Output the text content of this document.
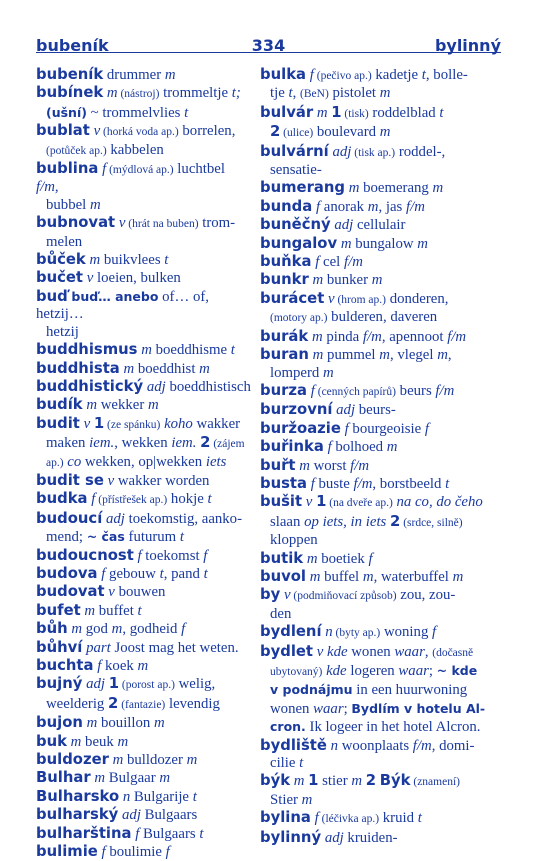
bubeník	334	bylinný
bubeník drummer m
bubínek m (nástroj) trommeltje t;
(ušní) ~ trommelvlies t
bublat v (horká voda ap.) borrelen,
(potůček ap.) kabbelen
bublina f (mýdlová ap.) luchtbel f/m,
bubbel m
bubnovat v (hrát na buben) trom-
melen
bůček m buikvlees t
bučet v loeien, bulken
buď buď… anebo of… of, hetzij…
hetzij
buddhismus m boeddhisme t
buddhista m boeddhist m
buddhistický adj boeddhistisch
budík m wekker m
budit v 1 (ze spánku) koho wakker
maken iem., wekken iem. 2 (zájem
ap.) co wekken, op|wekken iets
budit se v wakker worden
budka f (přístřešek ap.) hokje t
budoucí adj toekomstig, aanko-
mend; ~ čas futurum t
budoucnost f toekomst f
budova f gebouw t, pand t
budovat v bouwen
bufet m buffet t
bůh m god m, godheid f
bůhví part Joost mag het weten.
buchta f koek m
bujný adj 1 (porost ap.) welig,
weelderig 2 (fantazie) levendig
bujon m bouillon m
buk m beuk m
buldozer m bulldozer m
Bulhar m Bulgaar m
Bulharsko n Bulgarije t
bulharský adj Bulgaars
bulharština f Bulgaars t
bulimie f boulimie f
bulka f (pečivo ap.) kadetje t, bolle-
tje t, (BeN) pistolet m
bulvár m 1 (tisk) roddelblad t
2 (ulice) boulevard m
bulvární adj (tisk ap.) roddel-,
sensatie-
bumerang m boemerang m
bunda f anorak m, jas f/m
buněčný adj cellulair
bungalov m bungalow m
buňka f cel f/m
bunkr m bunker m
burácet v (hrom ap.) donderen,
(motory ap.) bulderen, daveren
burák m pinda f/m, apennoot f/m
buran m pummel m, vlegel m,
lomperd m
burza f (cenných papírů) beurs f/m
burzovní adj beurs-
buržoazie f bourgeoisie f
buřinka f bolhoed m
buřt m worst f/m
busta f buste f/m, borstbeeld t
bušit v 1 (na dveře ap.) na co, do čeho
slaan op iets, in iets 2 (srdce, silně)
kloppen
butik m boetiek f
buvol m buffel m, waterbuffel m
by v (podmiňovací způsob) zou, zou-
den
bydlení n (byty ap.) woning f
bydlet v kde wonen waar, (dočasně
ubytovaný) kde logeren waar; ~ kde
v podnájmu in een huurwoning
wonen waar; Bydlím v hotelu Al-
cron. Ik logeer in het hotel Alcron.
bydliště n woonplaats f/m, domi-
cilie t
býk m 1 stier m 2 Býk (znamení)
Stier m
bylina f (léčivka ap.) kruid t
bylinný adj kruiden-
